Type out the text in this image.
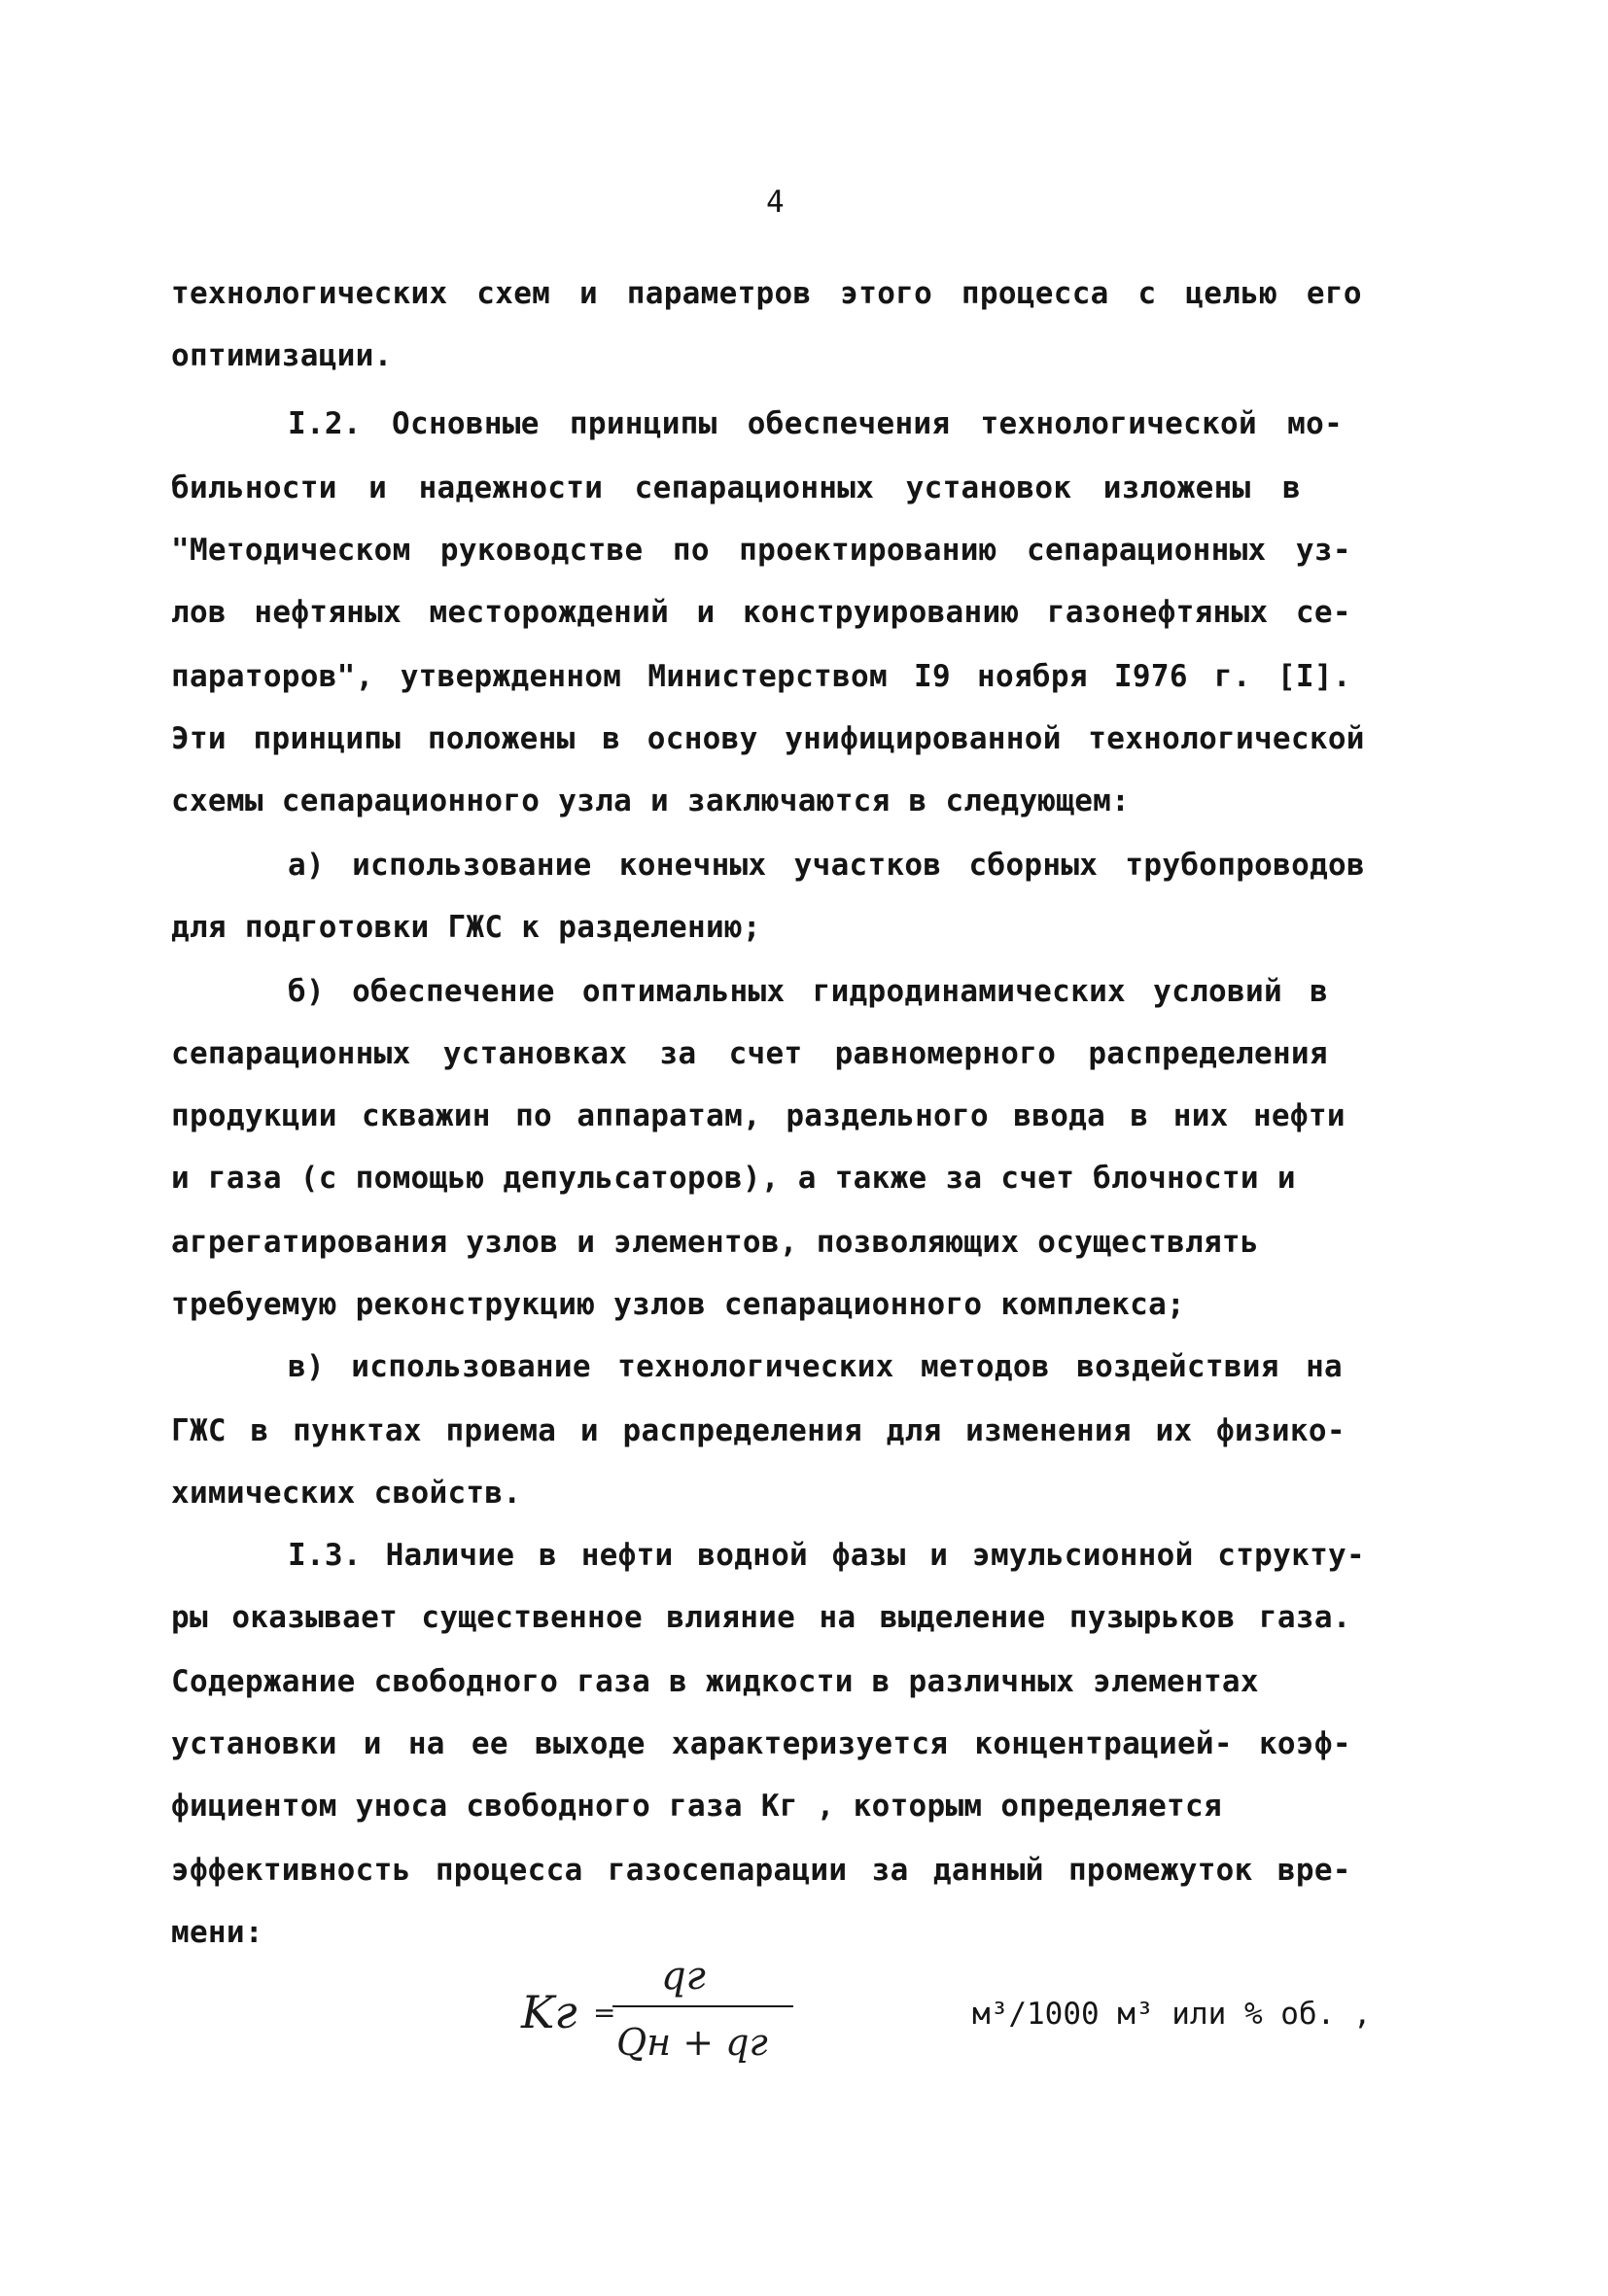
4
технологических схем и параметров этого процесса с целью его
оптимизации.
I.2. Основные принципы обеспечения технологической мо-
бильности и надежности сепарационных установок изложены в
"Методическом руководстве по проектированию сепарационных уз-
лов нефтяных месторождений и конструированию газонефтяных се-
параторов", утвержденном Министерством I9 ноября I976 г. [I].
Эти принципы положены в основу унифицированной технологической
схемы сепарационного узла и заключаются в следующем:
а) использование конечных участков сборных трубопроводов
для подготовки ГЖС к разделению;
б) обеспечение оптимальных гидродинамических условий в
сепарационных установках за счет равномерного распределения
продукции скважин по аппаратам, раздельного ввода в них нефти
и газа (с помощью депульсаторов), а также за счет блочности и
агрегатирования узлов и элементов, позволяющих осуществлять
требуемую реконструкцию узлов сепарационного комплекса;
в) использование технологических методов воздействия на
ГЖС в пунктах приема и распределения для изменения их физико-
химических свойств.
I.3. Наличие в нефти водной фазы и эмульсионной структу-
ры оказывает существенное влияние на выделение пузырьков газа.
Содержание свободного газа в жидкости в различных элементах
установки и на ее выходе характеризуется концентрацией- коэф-
фициентом уноса свободного газа Kг , которым определяется
эффективность процесса газосепарации за данный промежуток вре-
мени:
Kг =
qг
Qн + qг
м³/1000 м³ или % об. ,
